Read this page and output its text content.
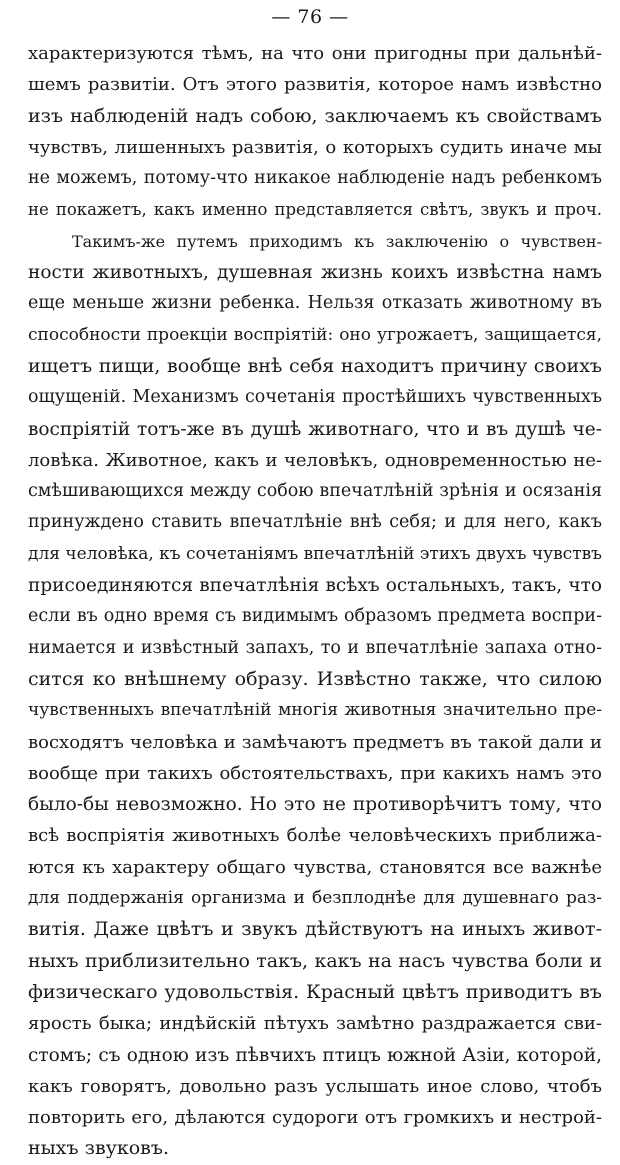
— 76 —
характеризуются тѣмъ, на что они пригодны при дальнѣй-
шемъ развитіи. Отъ этого развитія, которое намъ извѣстно
изъ наблюденій надъ собою, заключаемъ къ свойствамъ
чувствъ, лишенныхъ развитія, о которыхъ судить иначе мы
не можемъ, потому-что никакое наблюденіе надъ ребенкомъ
не покажетъ, какъ именно представляется свѣтъ, звукъ и проч.
Такимъ-же путемъ приходимъ къ заключенію о чувствен-
ности животныхъ, душевная жизнь коихъ извѣстна намъ
еще меньше жизни ребенка. Нельзя отказать животному въ
способности проекціи воспріятій: оно угрожаетъ, защищается,
ищетъ пищи, вообще внѣ себя находитъ причину своихъ
ощущеній. Механизмъ сочетанія простѣйшихъ чувственныхъ
воспріятій тотъ-же въ душѣ животнаго, что и въ душѣ че-
ловѣка. Животное, какъ и человѣкъ, одновременностью не-
смѣшивающихся между собою впечатлѣній зрѣнія и осязанія
принуждено ставить впечатлѣніе внѣ себя; и для него, какъ
для человѣка, къ сочетаніямъ впечатлѣній этихъ двухъ чувствъ
присоединяются впечатлѣнія всѣхъ остальныхъ, такъ, что
если въ одно время съ видимымъ образомъ предмета воспри-
нимается и извѣстный запахъ, то и впечатлѣніе запаха отно-
сится ко внѣшнему образу. Извѣстно также, что силою
чувственныхъ впечатлѣній многія животныя значительно пре-
восходятъ человѣка и замѣчаютъ предметъ въ такой дали и
вообще при такихъ обстоятельствахъ, при какихъ намъ это
было-бы невозможно. Но это не противорѣчитъ тому, что
всѣ воспріятія животныхъ болѣе человѣческихъ приближа-
ются къ характеру общаго чувства, становятся все важнѣе
для поддержанія организма и безплоднѣе для душевнаго раз-
витія. Даже цвѣтъ и звукъ дѣйствуютъ на иныхъ живот-
ныхъ приблизительно такъ, какъ на насъ чувства боли и
физическаго удовольствія. Красный цвѣтъ приводитъ въ
ярость быка; индѣйскій пѣтухъ замѣтно раздражается сви-
стомъ; съ одною изъ пѣвчихъ птицъ южной Азіи, которой,
какъ говорятъ, довольно разъ услышать иное слово, чтобъ
повторить его, дѣлаются судороги отъ громкихъ и нестрой-
ныхъ звуковъ.
